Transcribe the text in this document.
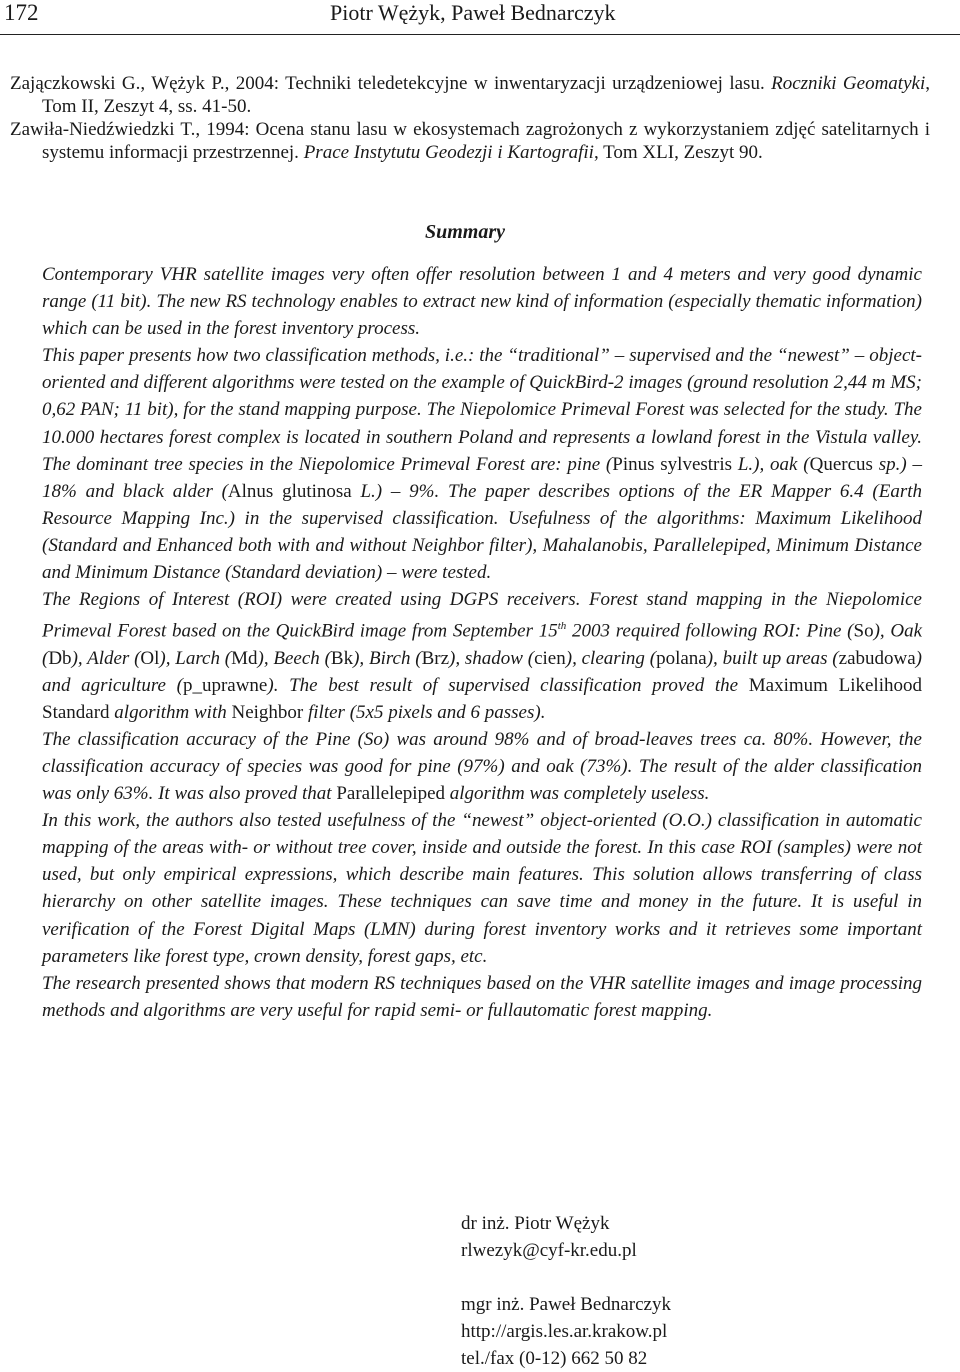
172	Piotr Wężyk, Paweł Bednarczyk

Zajączkowski G., Wężyk P., 2004: Techniki teledetekcyjne w inwentaryzacji urządzeniowej lasu. Roczniki Geomatyki, Tom II, Zeszyt 4, ss. 41-50.

Zawiła-Niedźwiedzki T., 1994: Ocena stanu lasu w ekosystemach zagrożonych z wykorzystaniem zdjęć satelitarnych i systemu informacji przestrzennej. Prace Instytutu Geodezji i Kartografii, Tom XLI, Zeszyt 90.

Summary

Contemporary VHR satellite images very often offer resolution between 1 and 4 meters and very good dynamic range (11 bit). The new RS technology enables to extract new kind of information (especially thematic information) which can be used in the forest inventory process.

This paper presents how two classification methods, i.e.: the “traditional” – supervised and the “newest” – object-oriented and different algorithms were tested on the example of QuickBird-2 images (ground resolution 2,44 m MS; 0,62 PAN; 11 bit), for the stand mapping purpose. The Niepolomice Primeval Forest was selected for the study. The 10.000 hectares forest complex is located in southern Poland and represents a lowland forest in the Vistula valley. The dominant tree species in the Niepolomice Primeval Forest are: pine (Pinus sylvestris L.), oak (Quercus sp.) – 18% and black alder (Alnus glutinosa L.) – 9%. The paper describes options of the ER Mapper 6.4 (Earth Resource Mapping Inc.) in the supervised classification. Usefulness of the algorithms: Maximum Likelihood (Standard and Enhanced both with and without Neighbor filter), Mahalanobis, Parallelepiped, Minimum Distance and Minimum Distance (Standard deviation) – were tested.

The Regions of Interest (ROI) were created using DGPS receivers. Forest stand mapping in the Niepolomice Primeval Forest based on the QuickBird image from September 15th 2003 required following ROI: Pine (So), Oak (Db), Alder (Ol), Larch (Md), Beech (Bk), Birch (Brz), shadow (cien), clearing (polana), built up areas (zabudowa) and agriculture (p_uprawne). The best result of supervised classification proved the Maximum Likelihood Standard algorithm with Neighbor filter (5x5 pixels and 6 passes).

The classification accuracy of the Pine (So) was around 98% and of broad-leaves trees ca. 80%. However, the classification accuracy of species was good for pine (97%) and oak (73%). The result of the alder classification was only 63%. It was also proved that Parallelepiped algorithm was completely useless.

In this work, the authors also tested usefulness of the “newest” object-oriented (O.O.) classification in automatic mapping of the areas with- or without tree cover, inside and outside the forest. In this case ROI (samples) were not used, but only empirical expressions, which describe main features. This solution allows transferring of class hierarchy on other satellite images. These techniques can save time and money in the future. It is useful in verification of the Forest Digital Maps (LMN) during forest inventory works and it retrieves some important parameters like forest type, crown density, forest gaps, etc.

The research presented shows that modern RS techniques based on the VHR satellite images and image processing methods and algorithms are very useful for rapid semi- or fullautomatic forest mapping.

dr inż. Piotr Wężyk

rlwezyk@cyf-kr.edu.pl

mgr inż. Paweł Bednarczyk

http://argis.les.ar.krakow.pl

tel./fax (0-12) 662 50 82
